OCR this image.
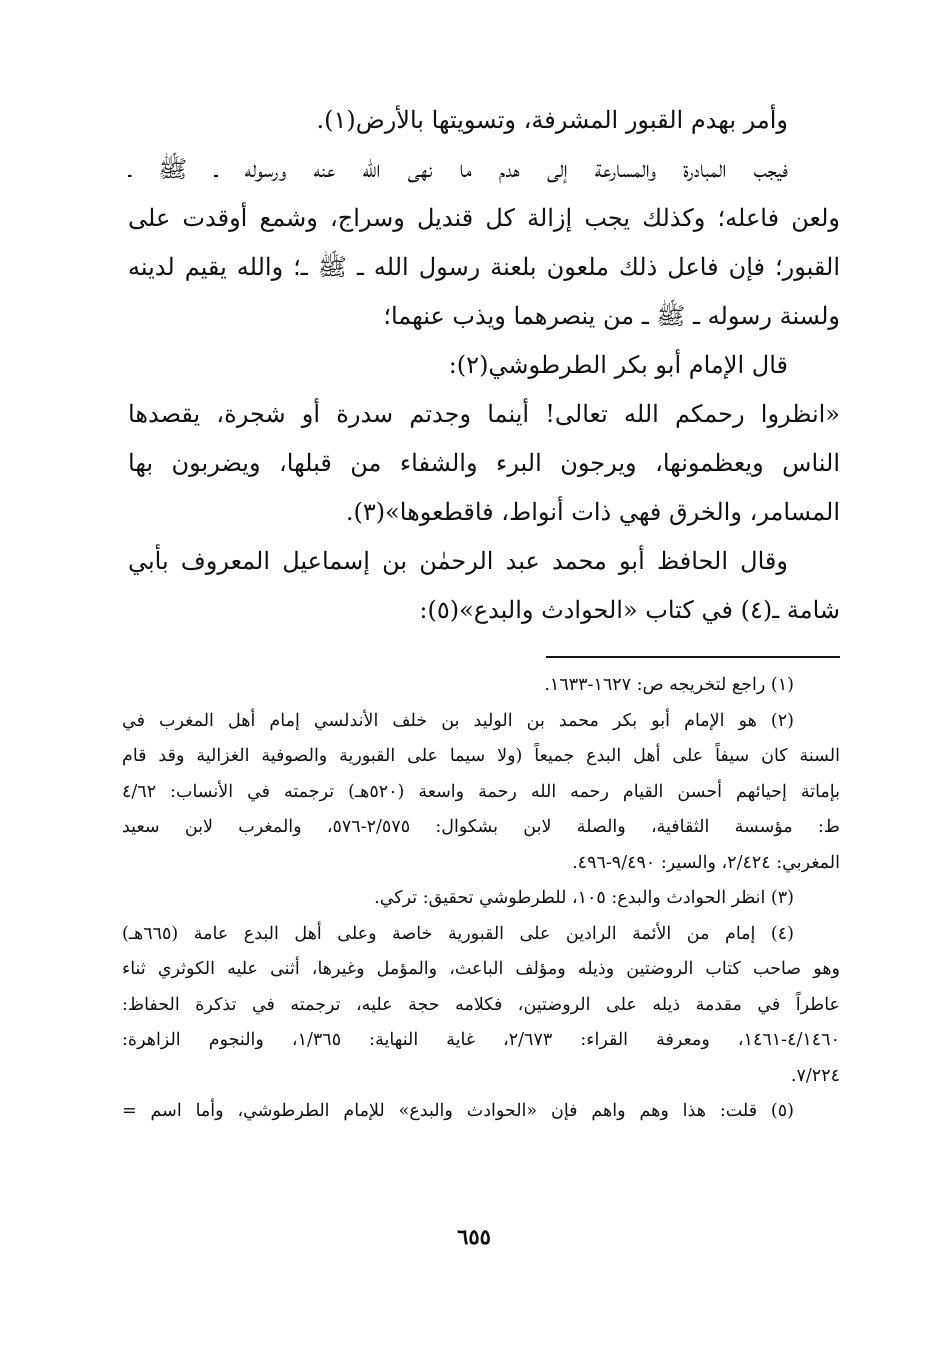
وأمر بهدم القبور المشرفة، وتسويتها بالأرض(١).
فيجب المبادرة والمسارعة إلى هدم ما نهى الله عنه ورسوله ـ ﷺ ـ
ولعن فاعله؛ وكذلك يجب إزالة كل قنديل وسراج، وشمع أوقدت على
القبور؛ فإن فاعل ذلك ملعون بلعنة رسول الله ـ ﷺ ـ؛ والله يقيم لدينه
ولسنة رسوله ـ ﷺ ـ من ينصرهما ويذب عنهما؛
قال الإمام أبو بكر الطرطوشي(٢):
«انظروا رحمكم الله تعالى! أينما وجدتم سدرة أو شجرة، يقصدها
الناس ويعظمونها، ويرجون البرء والشفاء من قبلها، ويضربون بها
المسامر، والخرق فهي ذات أنواط، فاقطعوها»(٣).
وقال الحافظ أبو محمد عبد الرحمٰن بن إسماعيل المعروف بأبي
شامة ـ(٤) في كتاب «الحوادث والبدع»(٥):
(١) راجع لتخريجه ص: ١٦٢٧-١٦٣٣.
(٢) هو الإمام أبو بكر محمد بن الوليد بن خلف الأندلسي إمام أهل المغرب في
السنة كان سيفاً على أهل البدع جميعاً (ولا سيما على القبورية والصوفية الغزالية وقد قام
بإماتة إحيائهم أحسن القيام رحمه الله رحمة واسعة (٥٢٠هـ) ترجمته في الأنساب: ٤/٦٢
ط: مؤسسة الثقافية، والصلة لابن بشكوال: ٢/٥٧٥-٥٧٦، والمغرب لابن سعيد
المغربي: ٢/٤٢٤، والسير: ٩/٤٩٠-٤٩٦.
(٣) انظر الحوادث والبدع: ١٠٥، للطرطوشي تحقيق: تركي.
(٤) إمام من الأئمة الرادين على القبورية خاصة وعلى أهل البدع عامة (٦٦٥هـ)
وهو صاحب كتاب الروضتين وذيله ومؤلف الباعث، والمؤمل وغيرها، أثنى عليه الكوثري ثناء
عاطراً في مقدمة ذيله على الروضتين، فكلامه حجة عليه، ترجمته في تذكرة الحفاظ:
٤/١٤٦٠-١٤٦١، ومعرفة القراء: ٢/٦٧٣، غاية النهاية: ١/٣٦٥، والنجوم الزاهرة:
٧/٢٢٤.
(٥) قلت: هذا وهم واهم فإن «الحوادث والبدع» للإمام الطرطوشي، وأما اسم =
٦٥٥
